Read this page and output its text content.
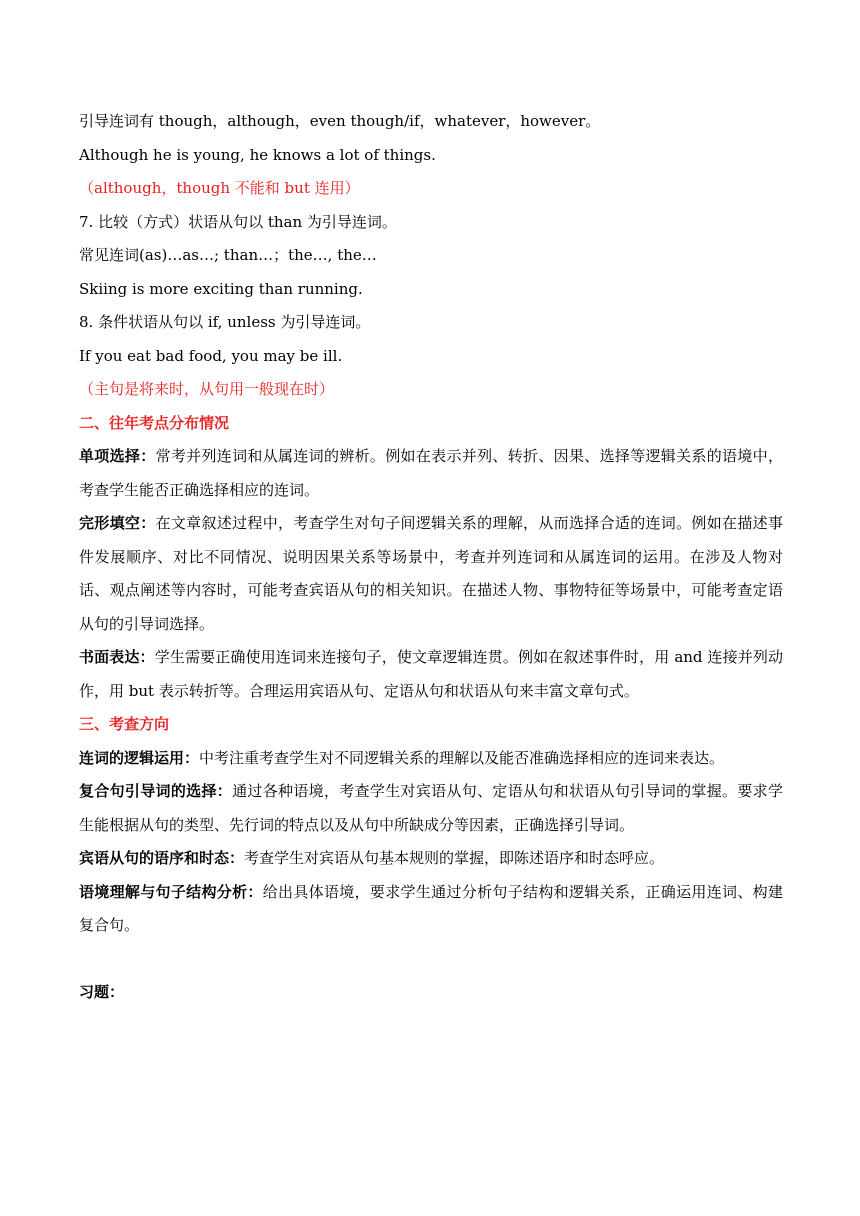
引导连词有 though，although，even though/if，whatever，however。

Although he is young, he knows a lot of things.

（although，though 不能和 but 连用）

7. 比较（方式）状语从句以 than 为引导连词。

常见连词(as)…as…; than…；the…, the…

Skiing is more exciting than running.

8. 条件状语从句以 if, unless 为引导连词。

If you eat bad food, you may be ill.

（主句是将来时，从句用一般现在时）

二、往年考点分布情况

单项选择：常考并列连词和从属连词的辨析。例如在表示并列、转折、因果、选择等逻辑关系的语境中，考查学生能否正确选择相应的连词。

完形填空：在文章叙述过程中，考查学生对句子间逻辑关系的理解，从而选择合适的连词。例如在描述事件发展顺序、对比不同情况、说明因果关系等场景中，考查并列连词和从属连词的运用。在涉及人物对话、观点阐述等内容时，可能考查宾语从句的相关知识。在描述人物、事物特征等场景中，可能考查定语从句的引导词选择。

书面表达：学生需要正确使用连词来连接句子，使文章逻辑连贯。例如在叙述事件时，用 and 连接并列动作，用 but 表示转折等。合理运用宾语从句、定语从句和状语从句来丰富文章句式。

三、考查方向

连词的逻辑运用：中考注重考查学生对不同逻辑关系的理解以及能否准确选择相应的连词来表达。

复合句引导词的选择：通过各种语境，考查学生对宾语从句、定语从句和状语从句引导词的掌握。要求学生能根据从句的类型、先行词的特点以及从句中所缺成分等因素，正确选择引导词。

宾语从句的语序和时态：考查学生对宾语从句基本规则的掌握，即陈述语序和时态呼应。

语境理解与句子结构分析：给出具体语境，要求学生通过分析句子结构和逻辑关系，正确运用连词、构建复合句。

习题：
